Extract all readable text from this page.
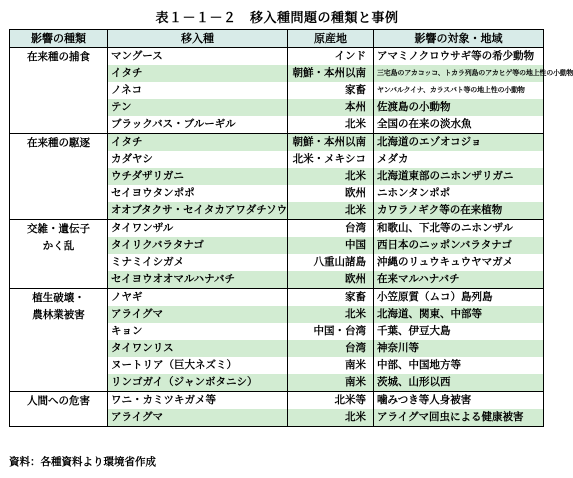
表１－１－２　移入種問題の種類と事例
影響の種類	移入種	原産地	影響の対象・地域

在来種の捕食	マングース	インド	アマミノクロウサギ等の希少動物
	イタチ	朝鮮・本州以南	三宅島のアカコッコ、トカラ列島のアカヒゲ等の地上性の小動物
	ノネコ	家畜	ヤンバルクイナ、カラスバト等の地上性の小動物
	テン	本州	佐渡島の小動物
	ブラックバス・ブルーギル	北米	全国の在来の淡水魚

在来種の駆逐	イタチ	朝鮮・本州以南	北海道のエゾオコジョ
	カダヤシ	北米・メキシコ	メダカ
	ウチダザリガニ	北米	北海道東部のニホンザリガニ
	セイヨウタンポポ	欧州	ニホンタンポポ
	オオブタクサ・セイタカアワダチソウ	北米	カワラノギク等の在来植物

交雑・遺伝子
かく乱	タイワンザル	台湾	和歌山、下北等のニホンザル
	タイリクバラタナゴ	中国	西日本のニッポンバラタナゴ
	ミナミイシガメ	八重山諸島	沖縄のリュウキュウヤマガメ
	セイヨウオオマルハナバチ	欧州	在来マルハナバチ

植生破壊・
農林業被害	ノヤギ	家畜	小笠原質（ムコ）島列島
	アライグマ	北米	北海道、関東、中部等
	キョン	中国・台湾	千葉、伊豆大島
	タイワンリス	台湾	神奈川等
	ヌートリア（巨大ネズミ）	南米	中部、中国地方等
	リンゴガイ（ジャンボタニシ）	南米	茨城、山形以西

人間への危害	ワニ・カミツキガメ等	北米等	噛みつき等人身被害
	アライグマ	北米	アライグマ回虫による健康被害
資料：各種資料より環境省作成
